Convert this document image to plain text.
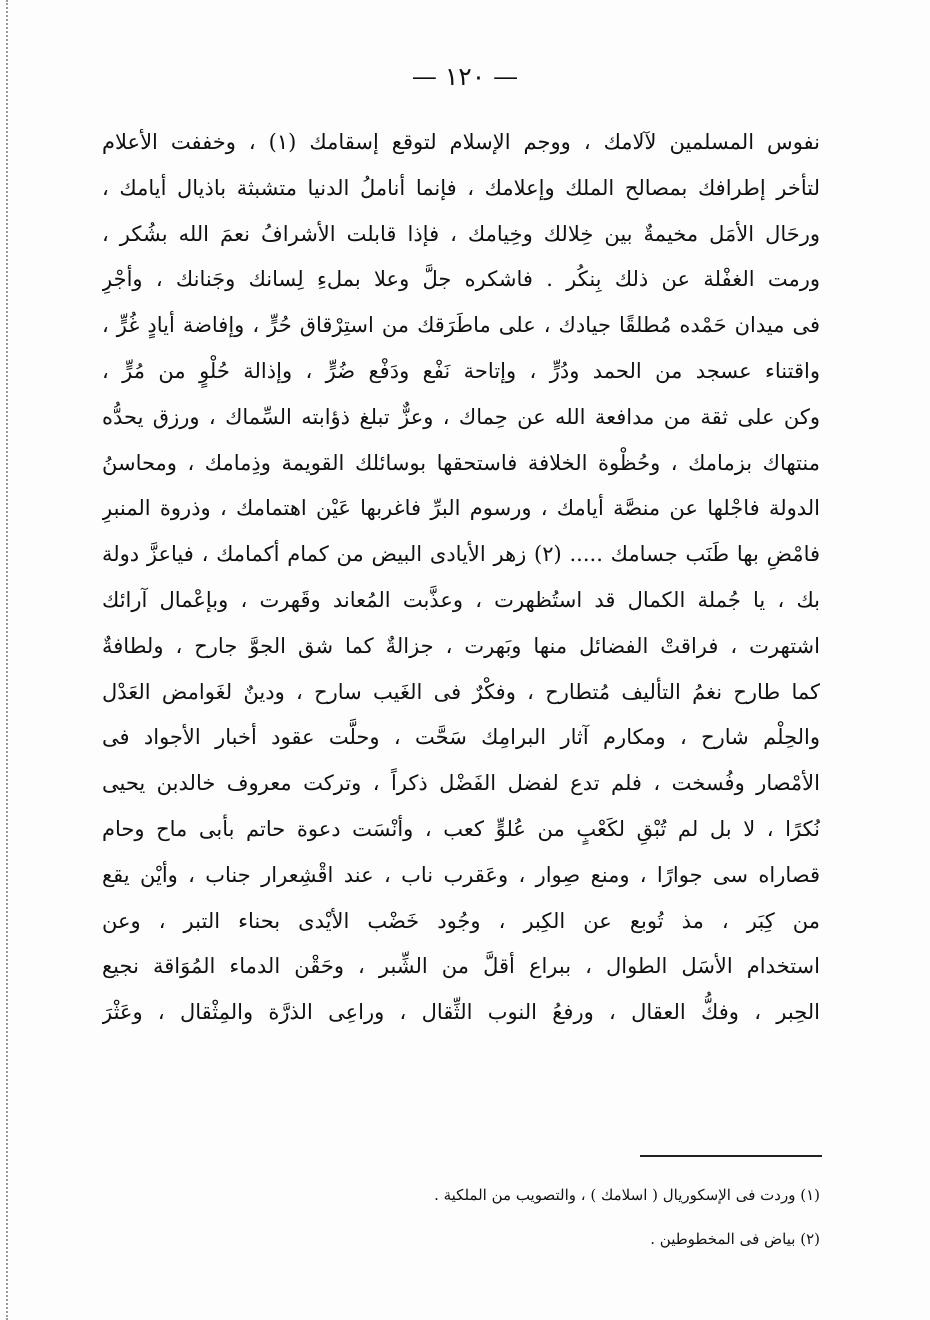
— ١٢٠ —
نفوس المسلمين لآلامك ، ووجم الإسلام لتوقع إسقامك (١) ، وخففت الأعلام
لتأخر إطرافك بمصالح الملك وإعلامك ، فإنما أناملُ الدنيا متشبثة باذيال أيامك ،
ورحَال الأمَل مخيمةٌ بين خِلالك وخِيامك ، فإذا قابلت الأشرافُ نعمَ الله بشُكر ،
ورمت الغفْلة عن ذلك بِنكُر . فاشكره جلَّ وعلا بملءِ لِسانك وجَنانك ، وأجْرِ
فى ميدان حَمْده مُطلقًا جيادك ، على ماطَرَقك من استِرْقاق حُرٍّ ، وإفاضة أيادٍ غُرٍّ ،
واقتناء عسجد من الحمد ودُرٍّ ، وإتاحة نَفْع ودَفْع ضُرٍّ ، وإذالة حُلْوٍ من مُرٍّ ،
وكن على ثقة من مدافعة الله عن حِماك ، وعزٌّ تبلغ ذؤابته السِّماك ، ورزق يحدُّه
منتهاك بزمامك ، وحُظْوة الخلافة فاستحقها بوسائلك القويمة وذِمامك ، ومحاسنُ
الدولة فاجْلها عن منصَّة أيامك ، ورسوم البرِّ فاغربها عَيْن اهتمامك ، وذروة المنبرِ
فامْضِ بها طَنَب جسامك ..... (٢) زهر الأيادى البيض من كمام أكمامك ، فياعزَّ دولة
بك ، يا جُملة الكمال قد استُظهرت ، وعذَّبت المُعاند وقَهرت ، وبإعْمال آرائك
اشتهرت ، فراقتْ الفضائل منها وبَهرت ، جزالةٌ كما شق الجوَّ جارح ، ولطافةٌ
كما طارح نغمُ التأليف مُتطارح ، وفكْرٌ فى الغَيب سارح ، ودينٌ لغَوامض العَدْل
والحِلْم شارح ، ومكارم آثار البرامِك سَحَّت ، وحلَّت عقود أخبار الأجواد فى
الأمْصار وفُسخت ، فلم تدع لفضل الفَضْل ذكراً ، وتركت معروف خالدبن يحيى
نُكرًا ، لا بل لم تُبْقِ لكَعْبٍ من عُلوٍّ كعب ، وأنْسَت دعوة حاتم بأبى ماح وحام
قصاراه سى جوارًا ، ومنع صِوار ، وعَقرب ناب ، عند اقْشِعرار جناب ، وأيْن يقع
من كِبَر ، مذ تُوبع عن الكِبر ، وجُود خَضْب الأيْدى بحناء التبر ، وعن
استخدام الأسَل الطوال ، ببراع أقلَّ من الشِّبر ، وحَقْن الدماء المُوَاقة نجيع
الحِبر ، وفكُّ العقال ، ورفعُ النوب الثِّقال ، وراعِى الذرَّة والمِثْقال ، وعَثْرَ
(١) وردت فى الإسكوريال ( اسلامك ) ، والتصويب من الملكية .
(٢) بياض فى المخطوطين .
